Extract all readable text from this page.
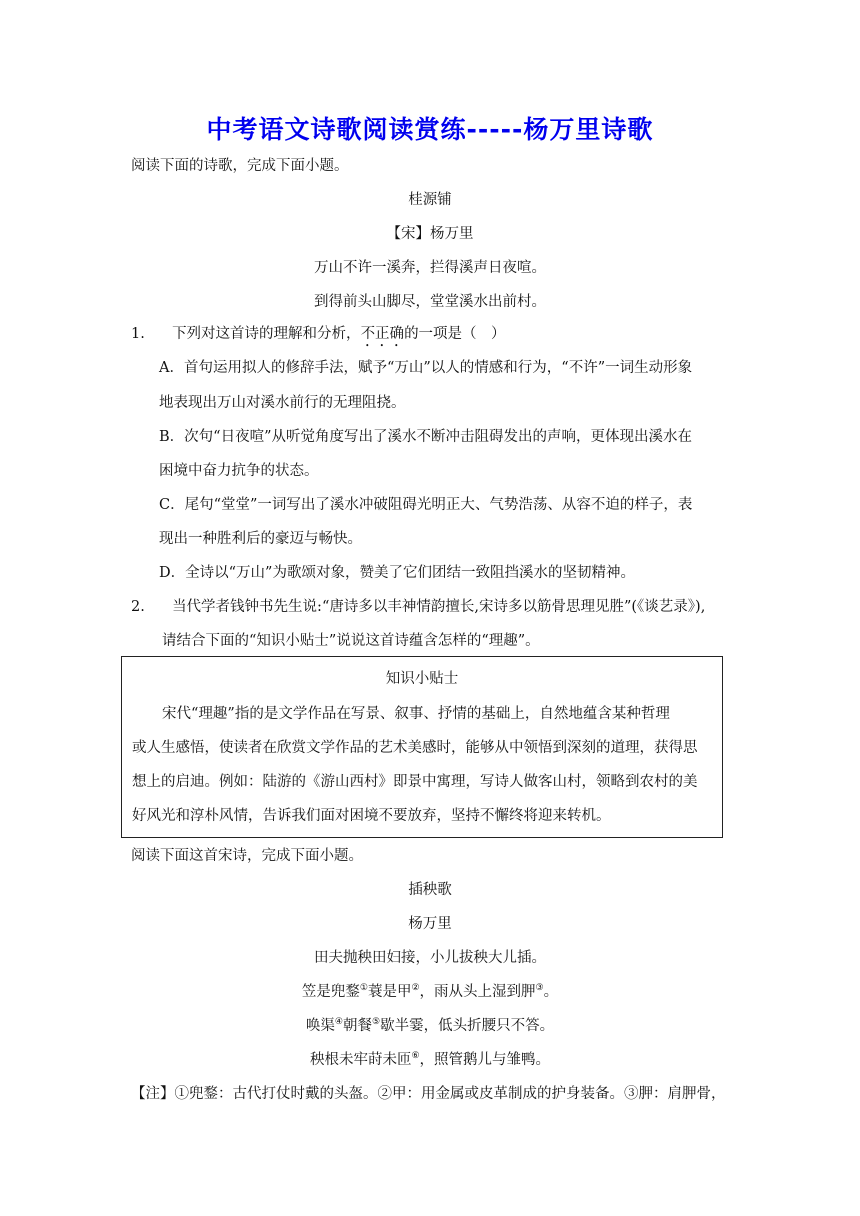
中考语文诗歌阅读赏练-----杨万里诗歌
阅读下面的诗歌，完成下面小题。
桂源铺
【宋】杨万里
万山不许一溪奔，拦得溪声日夜喧。
到得前头山脚尽，堂堂溪水出前村。
1. 下列对这首诗的理解和分析，不正确的一项是（　）
A．首句运用拟人的修辞手法，赋予“万山”以人的情感和行为，“不许”一词生动形象
地表现出万山对溪水前行的无理阻挠。
B．次句“日夜喧”从听觉角度写出了溪水不断冲击阻碍发出的声响，更体现出溪水在
困境中奋力抗争的状态。
C．尾句“堂堂”一词写出了溪水冲破阻碍光明正大、气势浩荡、从容不迫的样子，表
现出一种胜利后的豪迈与畅快。
D．全诗以“万山”为歌颂对象，赞美了它们团结一致阻挡溪水的坚韧精神。
2. 当代学者钱钟书先生说:“唐诗多以丰神情韵擅长,宋诗多以筋骨思理见胜”(《谈艺录》),
请结合下面的“知识小贴士”说说这首诗蕴含怎样的“理趣”。
知识小贴士
宋代“理趣”指的是文学作品在写景、叙事、抒情的基础上，自然地蕴含某种哲理
或人生感悟，使读者在欣赏文学作品的艺术美感时，能够从中领悟到深刻的道理，获得思
想上的启迪。例如：陆游的《游山西村》即景中寓理，写诗人做客山村，领略到农村的美
好风光和淳朴风情，告诉我们面对困境不要放弃，坚持不懈终将迎来转机。
阅读下面这首宋诗，完成下面小题。
插秧歌
杨万里
田夫抛秧田妇接，小儿拔秧大儿插。
笠是兜鍪①蓑是甲②，雨从头上湿到胛③。
唤渠④朝餐⑤歇半霎，低头折腰只不答。
秧根未牢莳未匝⑥，照管鹅儿与雏鸭。
【注】①兜鍪：古代打仗时戴的头盔。②甲：用金属或皮革制成的护身装备。③胛：肩胛骨，
